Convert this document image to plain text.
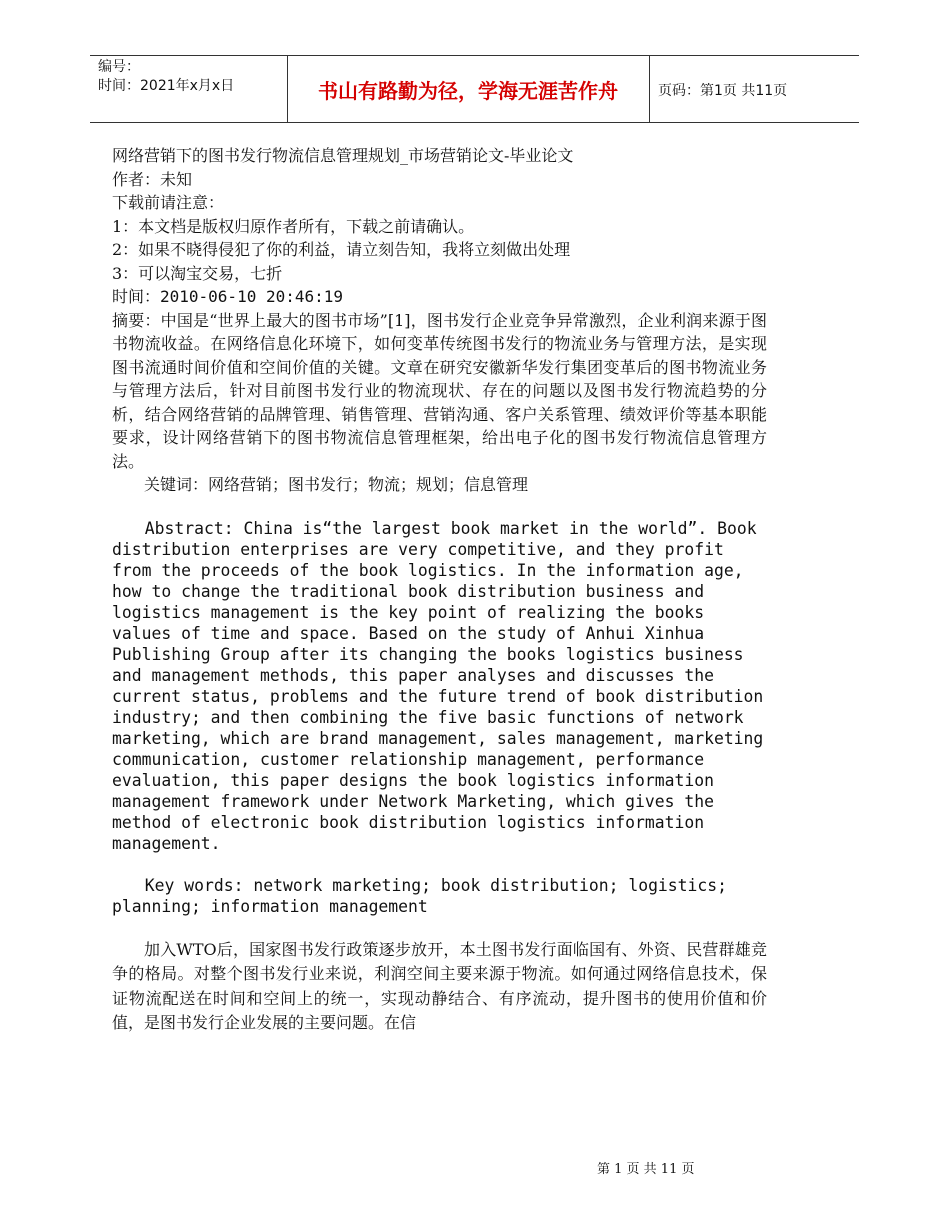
编号：
时间：2021年x月x日	书山有路勤为径，学海无涯苦作舟	页码：第1页 共11页
网络营销下的图书发行物流信息管理规划_市场营销论文-毕业论文
作者：未知
下载前请注意：
1：本文档是版权归原作者所有，下载之前请确认。
2：如果不晓得侵犯了你的利益，请立刻告知，我将立刻做出处理
3：可以淘宝交易，七折
时间：2010-06-10 20:46:19
摘要：中国是“世界上最大的图书市场”[1]，图书发行企业竞争异常激烈，企业利润来源于图书物流收益。在网络信息化环境下，如何变革传统图书发行的物流业务与管理方法，是实现图书流通时间价值和空间价值的关键。文章在研究安徽新华发行集团变革后的图书物流业务与管理方法后，针对目前图书发行业的物流现状、存在的问题以及图书发行物流趋势的分析，结合网络营销的品牌管理、销售管理、营销沟通、客户关系管理、绩效评价等基本职能要求，设计网络营销下的图书物流信息管理框架，给出电子化的图书发行物流信息管理方法。
关键词：网络营销；图书发行；物流；规划；信息管理
Abstract: China is“the largest book market in the world”. Book distribution enterprises are very competitive, and they profit from the proceeds of the book logistics. In the information age, how to change the traditional book distribution business and logistics management is the key point of realizing the books values of time and space. Based on the study of Anhui Xinhua Publishing Group after its changing the books logistics business and management methods, this paper analyses and discusses the current status, problems and the future trend of book distribution industry; and then combining the five basic functions of network marketing, which are brand management, sales management, marketing communication, customer relationship management, performance evaluation, this paper designs the book logistics information management framework under Network Marketing, which gives the method of electronic book distribution logistics information management.
Key words: network marketing; book distribution; logistics; planning; information management
加入WTO后，国家图书发行政策逐步放开，本土图书发行面临国有、外资、民营群雄竞争的格局。对整个图书发行业来说，利润空间主要来源于物流。如何通过网络信息技术，保证物流配送在时间和空间上的统一，实现动静结合、有序流动，提升图书的使用价值和价值，是图书发行企业发展的主要问题。在信
第 1 页 共 11 页
